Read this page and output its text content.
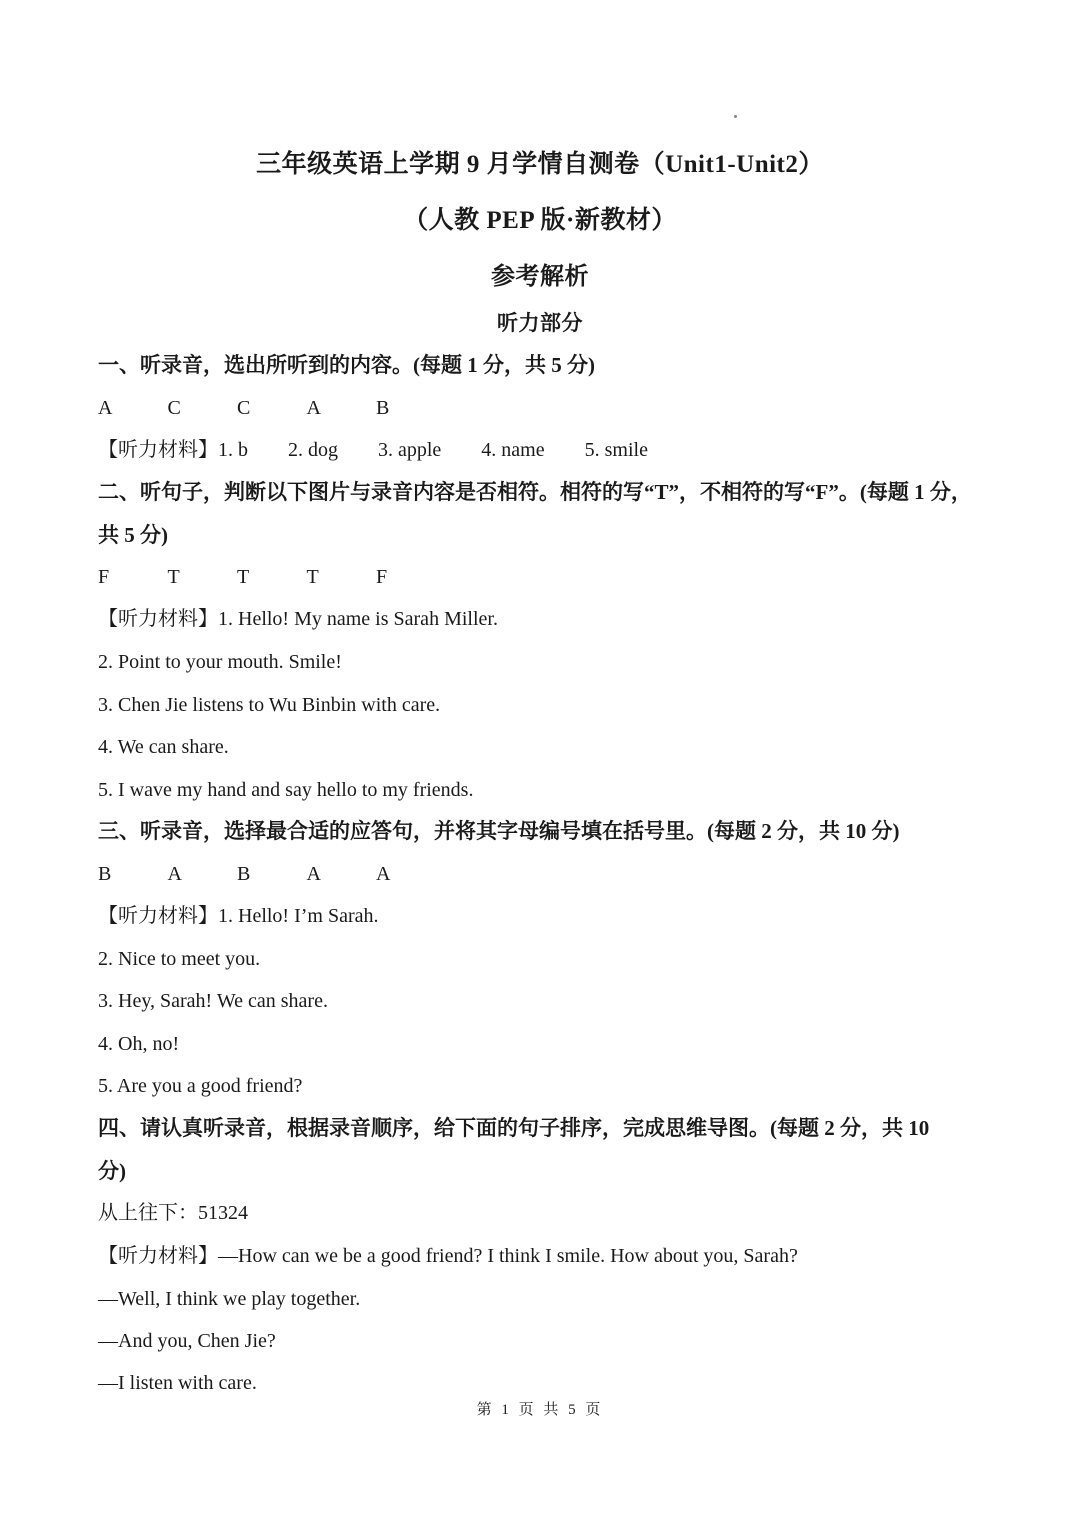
三年级英语上学期 9 月学情自测卷（Unit1-Unit2）
（人教 PEP 版·新教材）
参考解析
听力部分
一、听录音，选出所听到的内容。(每题 1 分，共 5 分)
A	C	C	A	B
【听力材料】1. b　　2. dog　　3. apple　　4. name　　5. smile
二、听句子，判断以下图片与录音内容是否相符。相符的写“T”，不相符的写“F”。(每题 1 分，
共 5 分)
F	T	T	T	F
【听力材料】1. Hello! My name is Sarah Miller.
2. Point to your mouth. Smile!
3. Chen Jie listens to Wu Binbin with care.
4. We can share.
5. I wave my hand and say hello to my friends.
三、听录音，选择最合适的应答句，并将其字母编号填在括号里。(每题 2 分，共 10 分)
B	A	B	A	A
【听力材料】1. Hello! I’m Sarah.
2. Nice to meet you.
3. Hey, Sarah! We can share.
4. Oh, no!
5. Are you a good friend?
四、请认真听录音，根据录音顺序，给下面的句子排序，完成思维导图。(每题 2 分，共 10
分)
从上往下：51324
【听力材料】—How can we be a good friend? I think I smile. How about you, Sarah?
—Well, I think we play together.
—And you, Chen Jie?
—I listen with care.
第 1 页 共 5 页
